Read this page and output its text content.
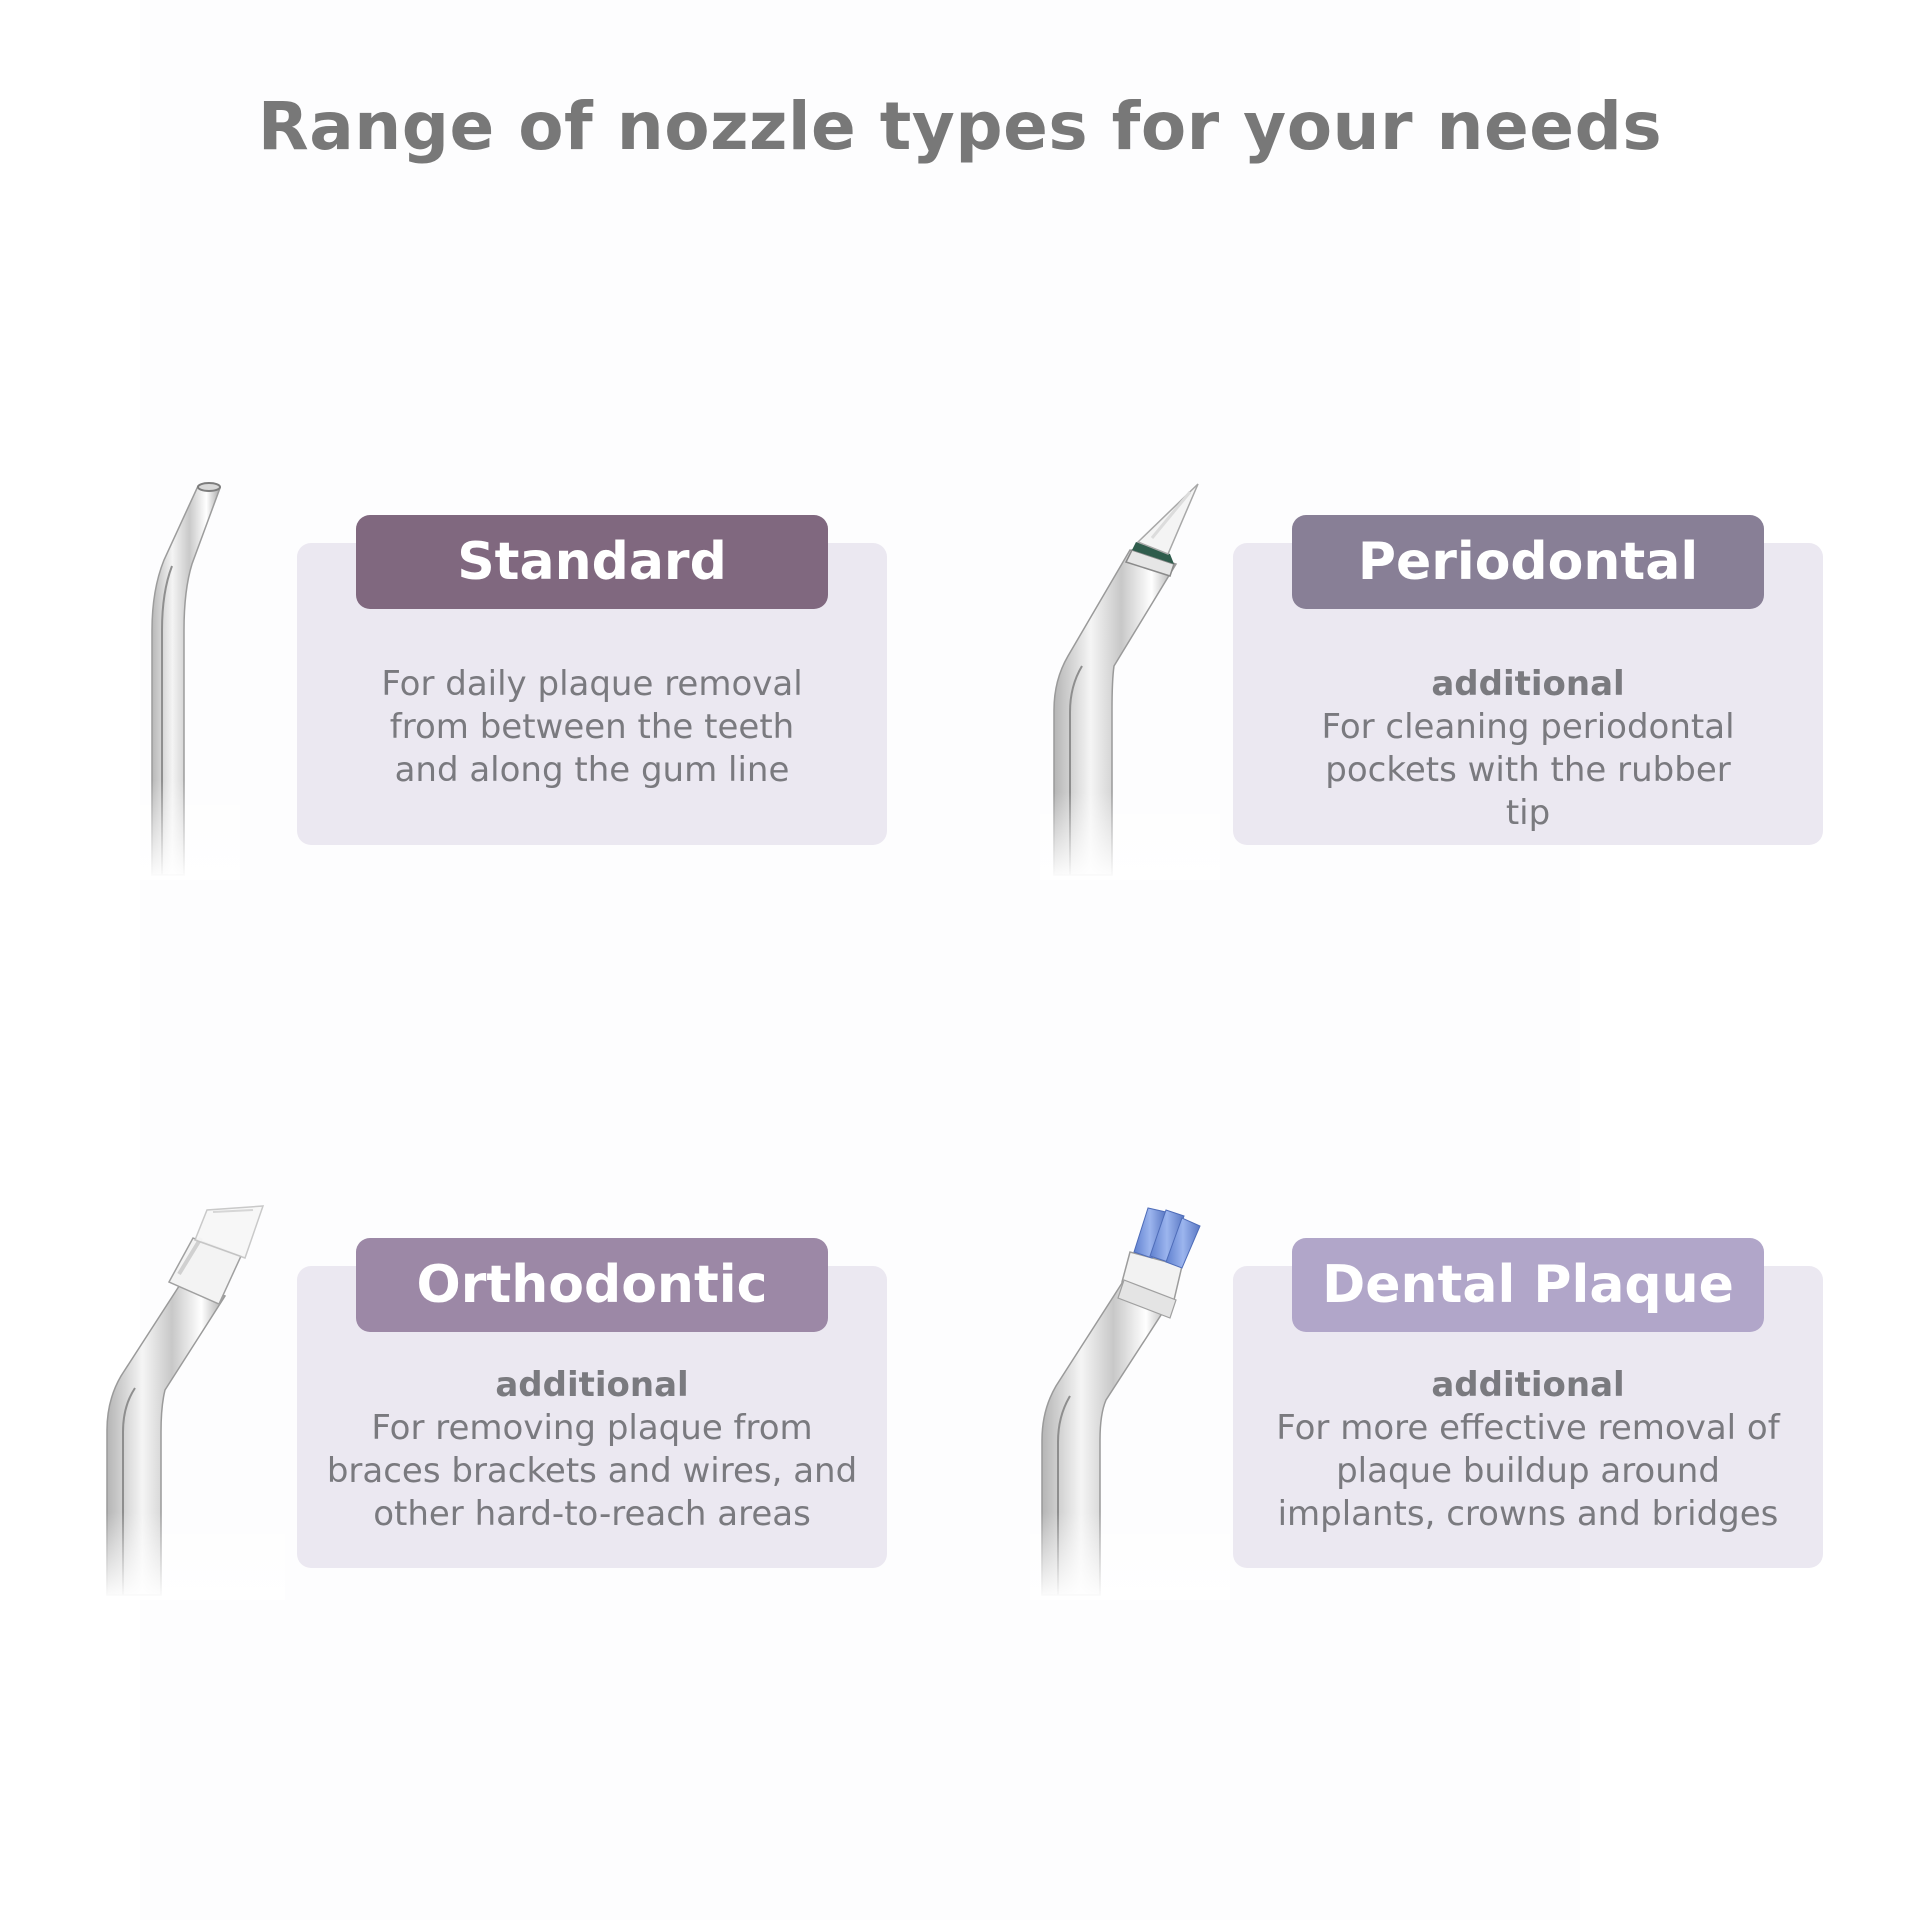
Range of nozzle types for your needs
For daily plaque removal from between the teeth and along the gum line
Standard
additional
For cleaning periodontal pockets with the rubber tip
Periodontal
additional
For removing plaque from braces brackets and wires, and other hard-to-reach areas
Orthodontic
additional
For more effective removal of plaque buildup around implants, crowns and bridges
Dental Plaque
